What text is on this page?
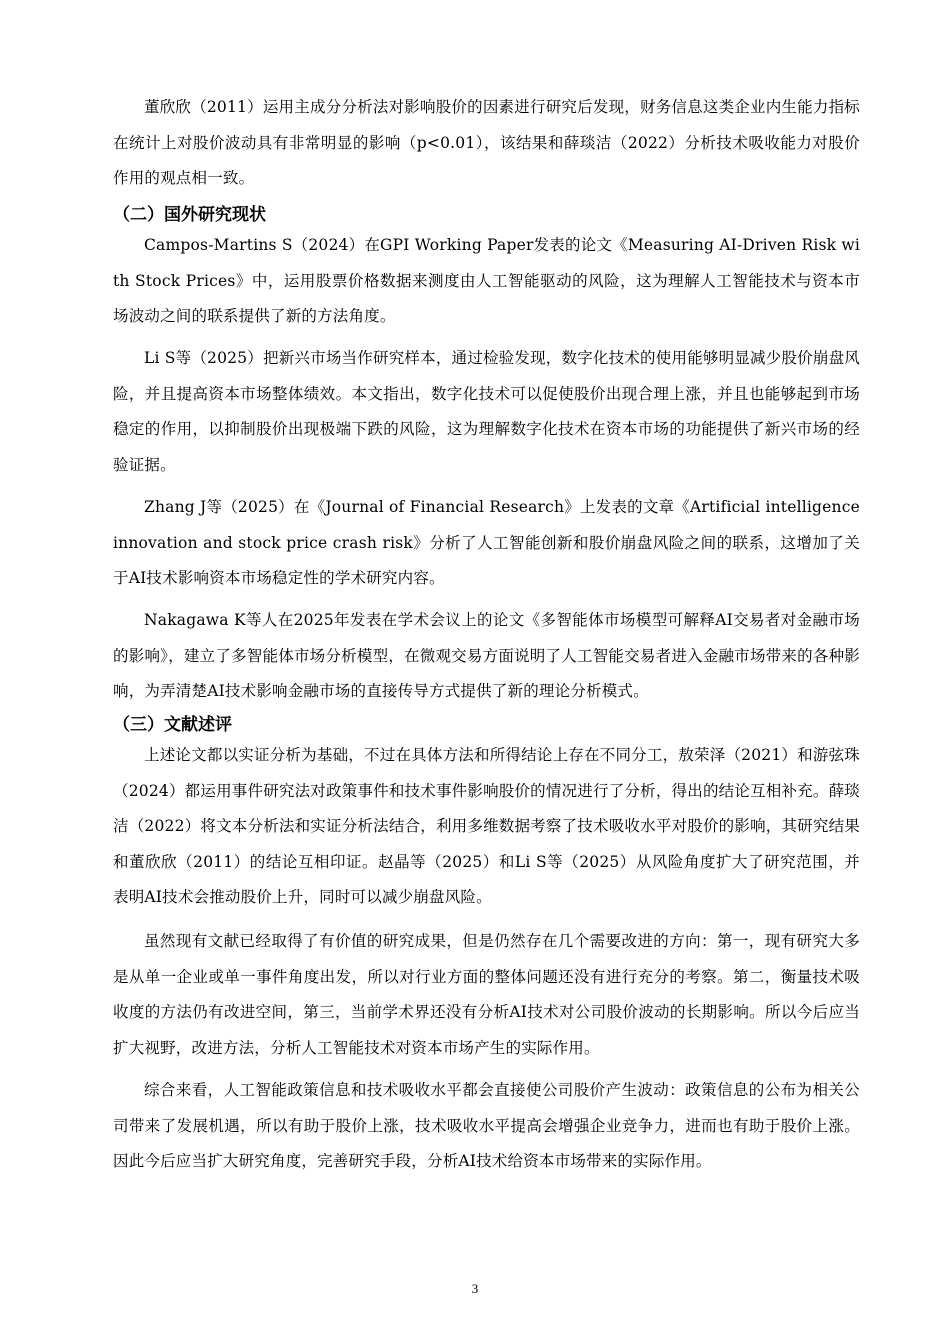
董欣欣（2011）运用主成分分析法对影响股价的因素进行研究后发现，财务信息这类企业内生能力指标在统计上对股价波动具有非常明显的影响（p<0.01），该结果和薛琰洁（2022）分析技术吸收能力对股价作用的观点相一致。

（二）国外研究现状

Campos-Martins S（2024）在GPI Working Paper发表的论文《Measuring AI-Driven Risk with Stock Prices》中，运用股票价格数据来测度由人工智能驱动的风险，这为理解人工智能技术与资本市场波动之间的联系提供了新的方法角度。

Li S等（2025）把新兴市场当作研究样本，通过检验发现，数字化技术的使用能够明显减少股价崩盘风险，并且提高资本市场整体绩效。本文指出，数字化技术可以促使股价出现合理上涨，并且也能够起到市场稳定的作用，以抑制股价出现极端下跌的风险，这为理解数字化技术在资本市场的功能提供了新兴市场的经验证据。

Zhang J等（2025）在《Journal of Financial Research》上发表的文章《Artificial intelligence innovation and stock price crash risk》分析了人工智能创新和股价崩盘风险之间的联系，这增加了关于AI技术影响资本市场稳定性的学术研究内容。

Nakagawa K等人在2025年发表在学术会议上的论文《多智能体市场模型可解释AI交易者对金融市场的影响》，建立了多智能体市场分析模型，在微观交易方面说明了人工智能交易者进入金融市场带来的各种影响，为弄清楚AI技术影响金融市场的直接传导方式提供了新的理论分析模式。

（三）文献述评

上述论文都以实证分析为基础，不过在具体方法和所得结论上存在不同分工，敖荣泽（2021）和游弦珠（2024）都运用事件研究法对政策事件和技术事件影响股价的情况进行了分析，得出的结论互相补充。薛琰洁（2022）将文本分析法和实证分析法结合，利用多维数据考察了技术吸收水平对股价的影响，其研究结果和董欣欣（2011）的结论互相印证。赵晶等（2025）和Li S等（2025）从风险角度扩大了研究范围，并表明AI技术会推动股价上升，同时可以减少崩盘风险。

虽然现有文献已经取得了有价值的研究成果，但是仍然存在几个需要改进的方向：第一，现有研究大多是从单一企业或单一事件角度出发，所以对行业方面的整体问题还没有进行充分的考察。第二，衡量技术吸收度的方法仍有改进空间，第三，当前学术界还没有分析AI技术对公司股价波动的长期影响。所以今后应当扩大视野，改进方法，分析人工智能技术对资本市场产生的实际作用。

综合来看，人工智能政策信息和技术吸收水平都会直接使公司股价产生波动：政策信息的公布为相关公司带来了发展机遇，所以有助于股价上涨，技术吸收水平提高会增强企业竞争力，进而也有助于股价上涨。因此今后应当扩大研究角度，完善研究手段，分析AI技术给资本市场带来的实际作用。

3
